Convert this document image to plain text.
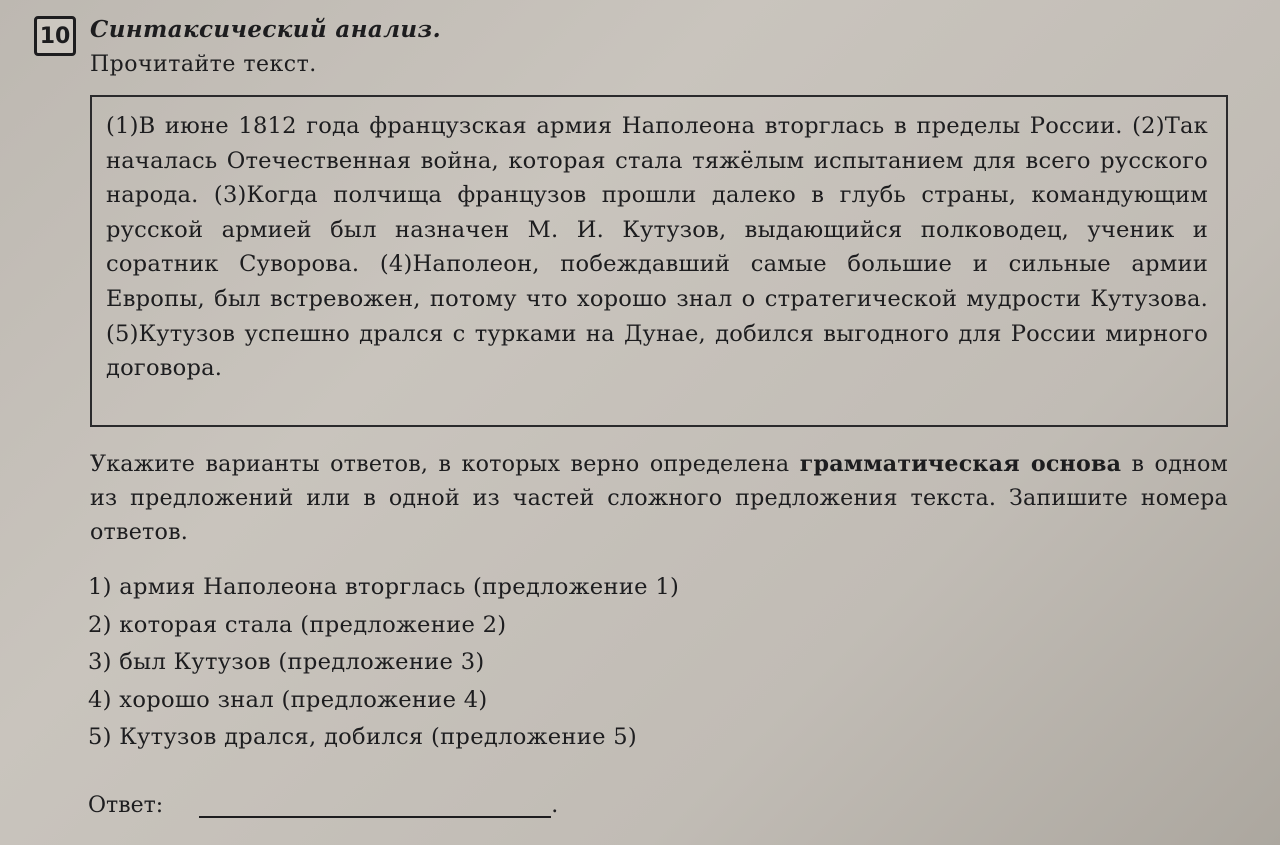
10 Синтаксический анализ.
Прочитайте текст.

(1)В июне 1812 года французская армия Наполеона вторглась в пределы России. (2)Так началась Отечественная война, которая стала тяжёлым испытанием для всего русского народа. (3)Когда полчища французов прошли далеко в глубь страны, командующим русской армией был назначен М. И. Кутузов, выдающийся полководец, ученик и соратник Суворова. (4)Наполеон, побеждавший самые большие и сильные армии Европы, был встревожен, потому что хорошо знал о стратегической мудрости Кутузова. (5)Кутузов успешно дрался с турками на Дунае, добился выгодного для России мирного договора.

Укажите варианты ответов, в которых верно определена грамматическая основа в одном из предложений или в одной из частей сложного предложения текста. Запишите номера ответов.

1) армия Наполеона вторглась (предложение 1)
2) которая стала (предложение 2)
3) был Кутузов (предложение 3)
4) хорошо знал (предложение 4)
5) Кутузов дрался, добился (предложение 5)
Ответ:	.
